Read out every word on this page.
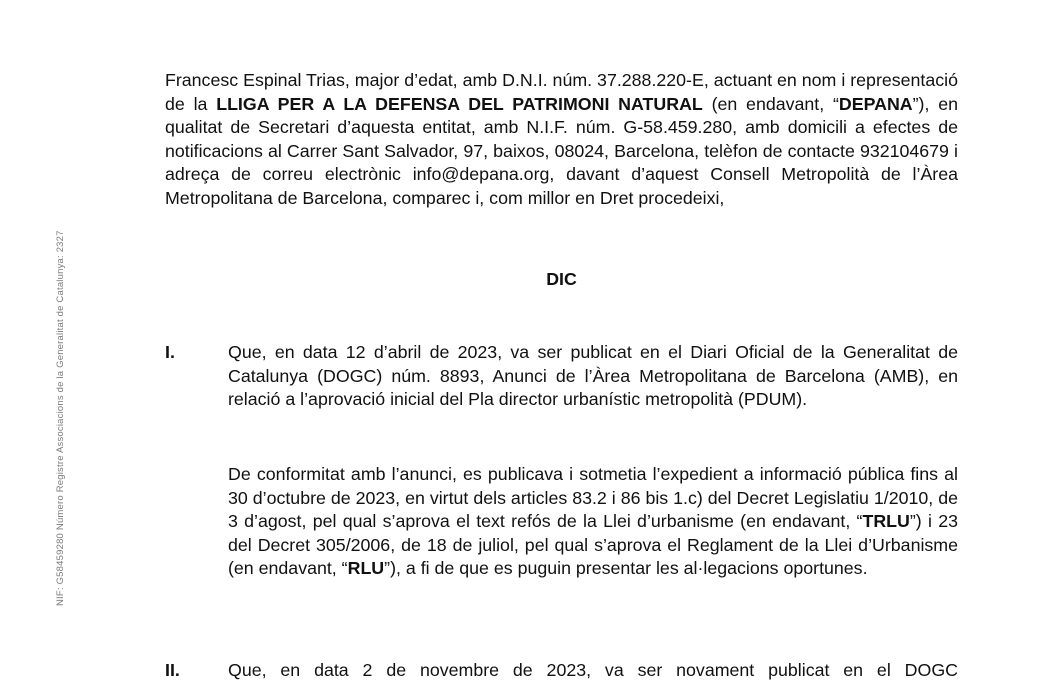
NIF: G58459280 Número Registre Associacions de la Generalitat de Catalunya: 2327

Francesc Espinal Trias, major d’edat, amb D.N.I. núm. 37.288.220-E, actuant en nom i representació de la LLIGA PER A LA DEFENSA DEL PATRIMONI NATURAL (en endavant, “DEPANA”), en qualitat de Secretari d’aquesta entitat, amb N.I.F. núm. G-58.459.280, amb domicili a efectes de notificacions al Carrer Sant Salvador, 97, baixos, 08024, Barcelona, telèfon de contacte 932104679 i adreça de correu electrònic info@depana.org, davant d’aquest Consell Metropolità de l’Àrea Metropolitana de Barcelona, comparec i, com millor en Dret procedeixi,

DIC
I.	Que, en data 12 d’abril de 2023, va ser publicat en el Diari Oficial de la Generalitat de Catalunya (DOGC) núm. 8893, Anunci de l’Àrea Metropolitana de Barcelona (AMB), en relació a l’aprovació inicial del Pla director urbanístic metropolità (PDUM).

De conformitat amb l’anunci, es publicava i sotmetia l’expedient a informació pública fins al 30 d’octubre de 2023, en virtut dels articles 83.2 i 86 bis 1.c) del Decret Legislatiu 1/2010, de 3 d’agost, pel qual s’aprova el text refós de la Llei d’urbanisme (en endavant, “TRLU”) i 23 del Decret 305/2006, de 18 de juliol, pel qual s’aprova el Reglament de la Llei d’Urbanisme (en endavant, “RLU”), a fi de que es puguin presentar les al·legacions oportunes.

II.	Que, en data 2 de novembre de 2023, va ser novament publicat en el DOGC
